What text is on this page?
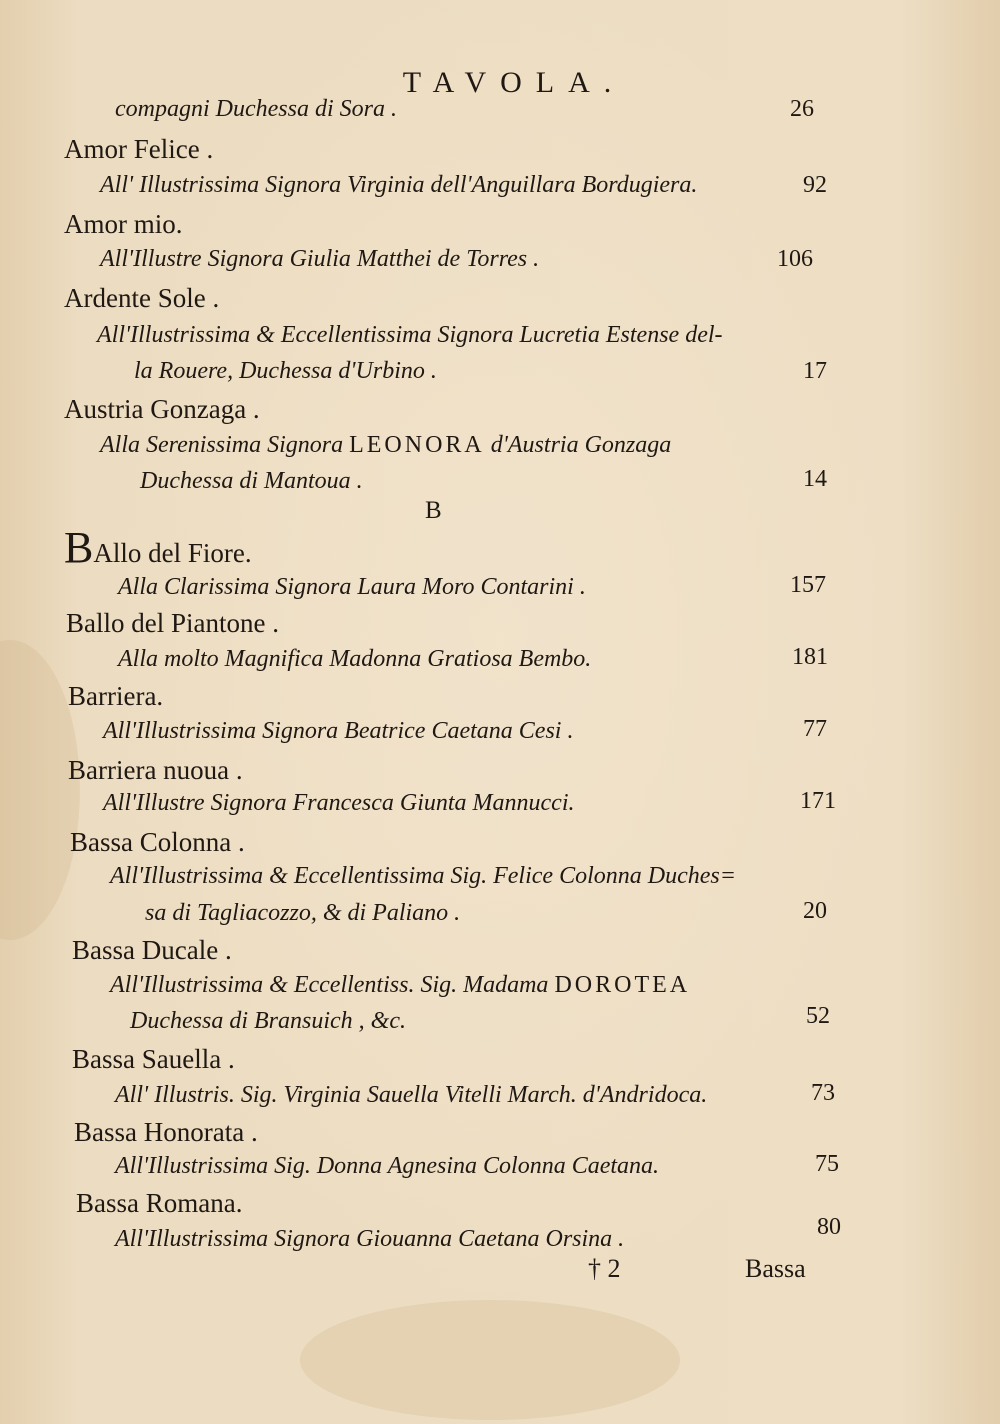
TAVOLA.
compagni Duchessa di Sora .	26
Amor Felice .
All' Illustrissima Signora Virginia dell'Anguillara Bordugiera.	92
Amor mio.
All'Illustre Signora Giulia Matthei de Torres .	106
Ardente Sole .
All'Illustrissima & Eccellentissima Signora Lucretia Estense del-
la Rouere, Duchessa d'Urbino .	17
Austria Gonzaga .
Alla Serenissima Signora LEONORA d'Austria Gonzaga
Duchessa di Mantoua .	14
B
BAllo del Fiore.
Alla Clarissima Signora Laura Moro Contarini .	157
Ballo del Piantone .
Alla molto Magnifica Madonna Gratiosa Bembo.	181
Barriera.
All'Illustrissima Signora Beatrice Caetana Cesi .	77
Barriera nuoua .
All'Illustre Signora Francesca Giunta Mannucci.	171
Bassa Colonna .
All'Illustrissima & Eccellentissima Sig. Felice Colonna Duches=
sa di Tagliacozzo, & di Paliano .	20
Bassa Ducale .
All'Illustrissima & Eccellentiss. Sig. Madama DOROTEA
Duchessa di Bransuich , &c.	52
Bassa Sauella .
All' Illustris. Sig. Virginia Sauella Vitelli March. d'Andridoca.	73
Bassa Honorata .
All'Illustrissima Sig. Donna Agnesina Colonna Caetana.	75
Bassa Romana.
All'Illustrissima Signora Giouanna Caetana Orsina .	80
† 2	Bassa
